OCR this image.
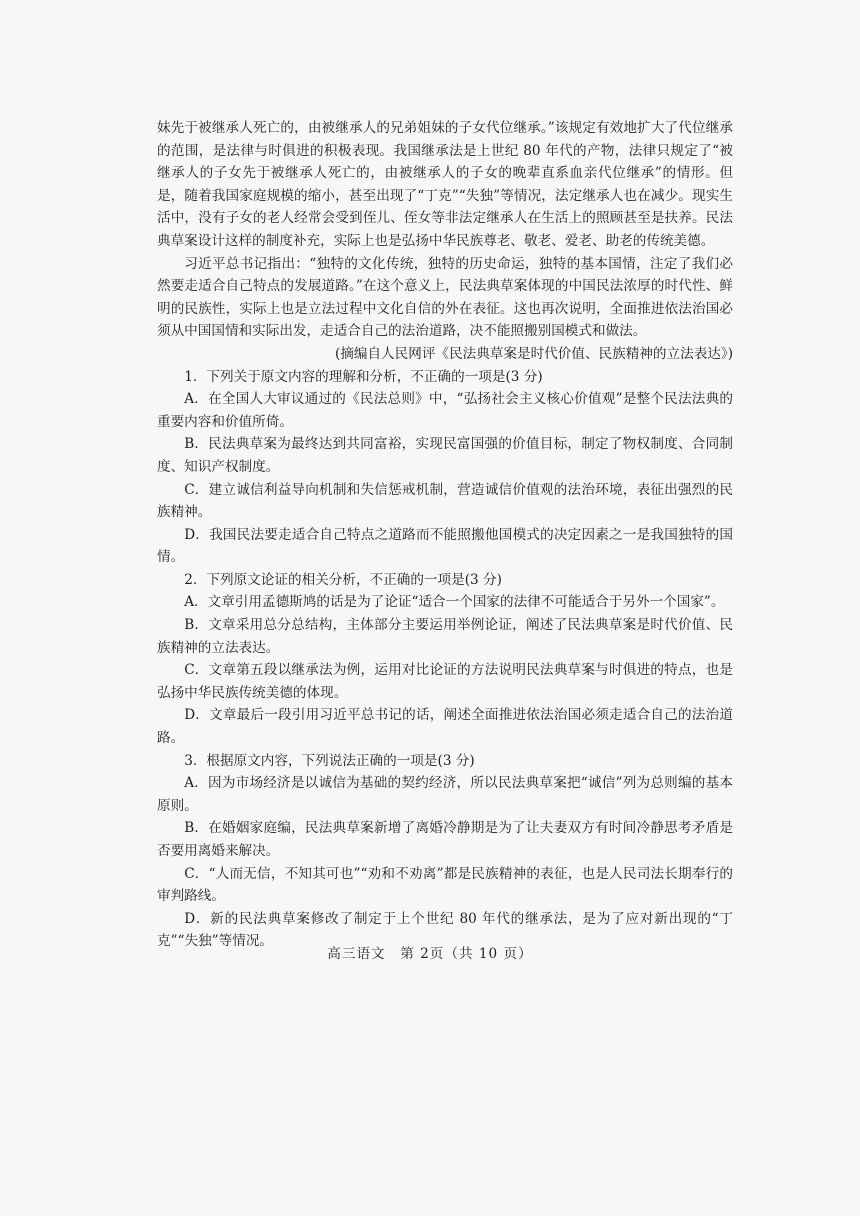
妹先于被继承人死亡的，由被继承人的兄弟姐妹的子女代位继承。”该规定有效地扩大了代位继承的范围，是法律与时俱进的积极表现。我国继承法是上世纪 80 年代的产物，法律只规定了“被继承人的子女先于被继承人死亡的，由被继承人的子女的晚辈直系血亲代位继承”的情形。但是，随着我国家庭规模的缩小，甚至出现了“丁克”“失独”等情况，法定继承人也在减少。现实生活中，没有子女的老人经常会受到侄儿、侄女等非法定继承人在生活上的照顾甚至是扶养。民法典草案设计这样的制度补充，实际上也是弘扬中华民族尊老、敬老、爱老、助老的传统美德。

习近平总书记指出：“独特的文化传统，独特的历史命运，独特的基本国情，注定了我们必然要走适合自己特点的发展道路。”在这个意义上，民法典草案体现的中国民法浓厚的时代性、鲜明的民族性，实际上也是立法过程中文化自信的外在表征。这也再次说明，全面推进依法治国必须从中国国情和实际出发，走适合自己的法治道路，决不能照搬别国模式和做法。

(摘编自人民网评《民法典草案是时代价值、民族精神的立法表达》)

1．下列关于原文内容的理解和分析，不正确的一项是(3 分)

A．在全国人大审议通过的《民法总则》中，“弘扬社会主义核心价值观”是整个民法法典的重要内容和价值所倚。

B．民法典草案为最终达到共同富裕，实现民富国强的价值目标，制定了物权制度、合同制度、知识产权制度。

C．建立诚信利益导向机制和失信惩戒机制，营造诚信价值观的法治环境，表征出强烈的民族精神。

D．我国民法要走适合自己特点之道路而不能照搬他国模式的决定因素之一是我国独特的国情。

2．下列原文论证的相关分析，不正确的一项是(3 分)

A．文章引用孟德斯鸠的话是为了论证“适合一个国家的法律不可能适合于另外一个国家”。

B．文章采用总分总结构，主体部分主要运用举例论证，阐述了民法典草案是时代价值、民族精神的立法表达。

C．文章第五段以继承法为例，运用对比论证的方法说明民法典草案与时俱进的特点，也是弘扬中华民族传统美德的体现。

D．文章最后一段引用习近平总书记的话，阐述全面推进依法治国必须走适合自己的法治道路。

3．根据原文内容，下列说法正确的一项是(3 分)

A．因为市场经济是以诚信为基础的契约经济，所以民法典草案把“诚信”列为总则编的基本原则。

B．在婚姻家庭编，民法典草案新增了离婚冷静期是为了让夫妻双方有时间冷静思考矛盾是否要用离婚来解决。

C．“人而无信，不知其可也”“劝和不劝离”都是民族精神的表征，也是人民司法长期奉行的审判路线。

D．新的民法典草案修改了制定于上个世纪 80 年代的继承法，是为了应对新出现的“丁克”“失独”等情况。

高三语文　第 2页（共 10 页）
